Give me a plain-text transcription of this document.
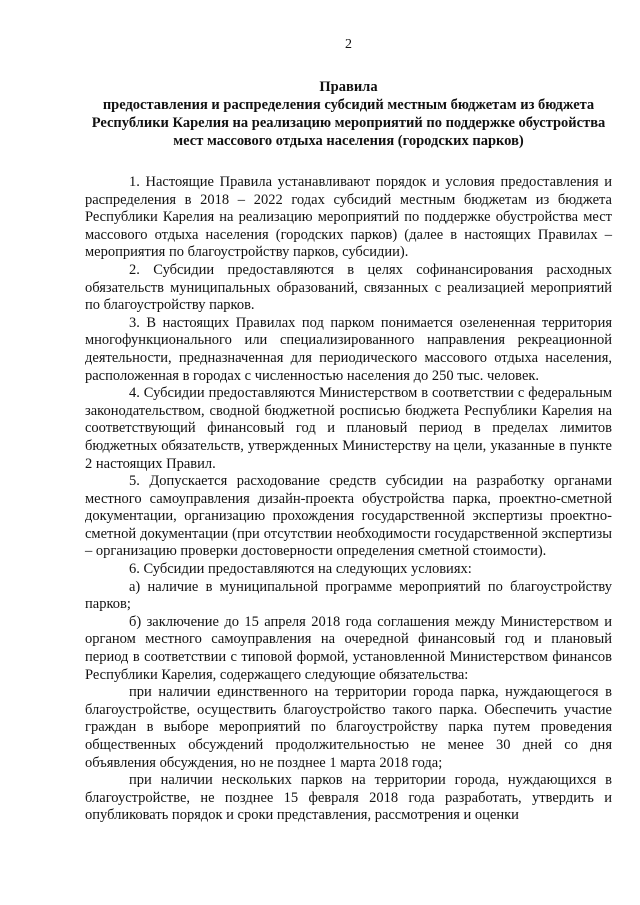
2
Правила
предоставления и распределения субсидий местным бюджетам из бюджета Республики Карелия на реализацию мероприятий по поддержке обустройства мест массового отдыха населения (городских парков)

1. Настоящие Правила устанавливают порядок и условия предоставления и распределения в 2018 – 2022 годах субсидий местным бюджетам из бюджета Республики Карелия на реализацию мероприятий по поддержке обустройства мест массового отдыха населения (городских парков) (далее в настоящих Правилах – мероприятия по благоустройству парков, субсидии).

2. Субсидии предоставляются в целях софинансирования расходных обязательств муниципальных образований, связанных с реализацией мероприятий по благоустройству парков.

3. В настоящих Правилах под парком понимается озелененная территория многофункционального или специализированного направления рекреационной деятельности, предназначенная для периодического массового отдыха населения, расположенная в городах с численностью населения до 250 тыс. человек.

4. Субсидии предоставляются Министерством в соответствии с федеральным законодательством, сводной бюджетной росписью бюджета Республики Карелия на соответствующий финансовый год и плановый период в пределах лимитов бюджетных обязательств, утвержденных Министерству на цели, указанные в пункте 2 настоящих Правил.

5. Допускается расходование средств субсидии на разработку органами местного самоуправления дизайн-проекта обустройства парка, проектно-сметной документации, организацию прохождения государственной экспертизы проектно-сметной документации (при отсутствии необходимости государственной экспертизы – организацию проверки достоверности определения сметной стоимости).

6. Субсидии предоставляются на следующих условиях:

а) наличие в муниципальной программе мероприятий по благоустройству парков;

б) заключение до 15 апреля 2018 года соглашения между Министерством и органом местного самоуправления на очередной финансовый год и плановый период в соответствии с типовой формой, установленной Министерством финансов Республики Карелия, содержащего следующие обязательства:

при наличии единственного на территории города парка, нуждающегося в благоустройстве, осуществить благоустройство такого парка. Обеспечить участие граждан в выборе мероприятий по благоустройству парка путем проведения общественных обсуждений продолжительностью не менее 30 дней со дня объявления обсуждения, но не позднее 1 марта 2018 года;

при наличии нескольких парков на территории города, нуждающихся в благоустройстве, не позднее 15 февраля 2018 года разработать, утвердить и опубликовать порядок и сроки представления, рассмотрения и оценки
